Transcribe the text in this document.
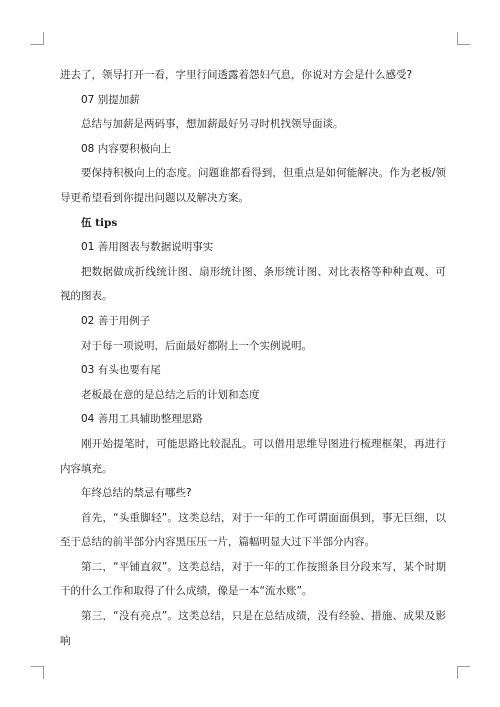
进去了，领导打开一看，字里行间透露着怨妇气息，你说对方会是什么感受?

07 别提加薪

总结与加薪是两码事，想加薪最好另寻时机找领导面谈。

08 内容要积极向上

要保持积极向上的态度。问题谁都看得到，但重点是如何能解决。作为老板/领导更希望看到你提出问题以及解决方案。

伍 tips

01 善用图表与数据说明事实

把数据做成折线统计图、扇形统计图、条形统计图、对比表格等种种直观、可视的图表。

02 善于用例子

对于每一项说明，后面最好都附上一个实例说明。

03 有头也要有尾

老板最在意的是总结之后的计划和态度

04 善用工具辅助整理思路

刚开始提笔时，可能思路比较混乱。可以借用思维导图进行梳理框架，再进行内容填充。

年终总结的禁忌有哪些?

首先，“头重脚轻”。这类总结，对于一年的工作可谓面面俱到，事无巨细，以至于总结的前半部分内容黑压压一片，篇幅明显大过下半部分内容。

第二，“平铺直叙”。这类总结，对于一年的工作按照条目分段来写，某个时期干的什么工作和取得了什么成绩，像是一本“流水账”。

第三，“没有亮点”。这类总结，只是在总结成绩，没有经验、措施、成果及影响
